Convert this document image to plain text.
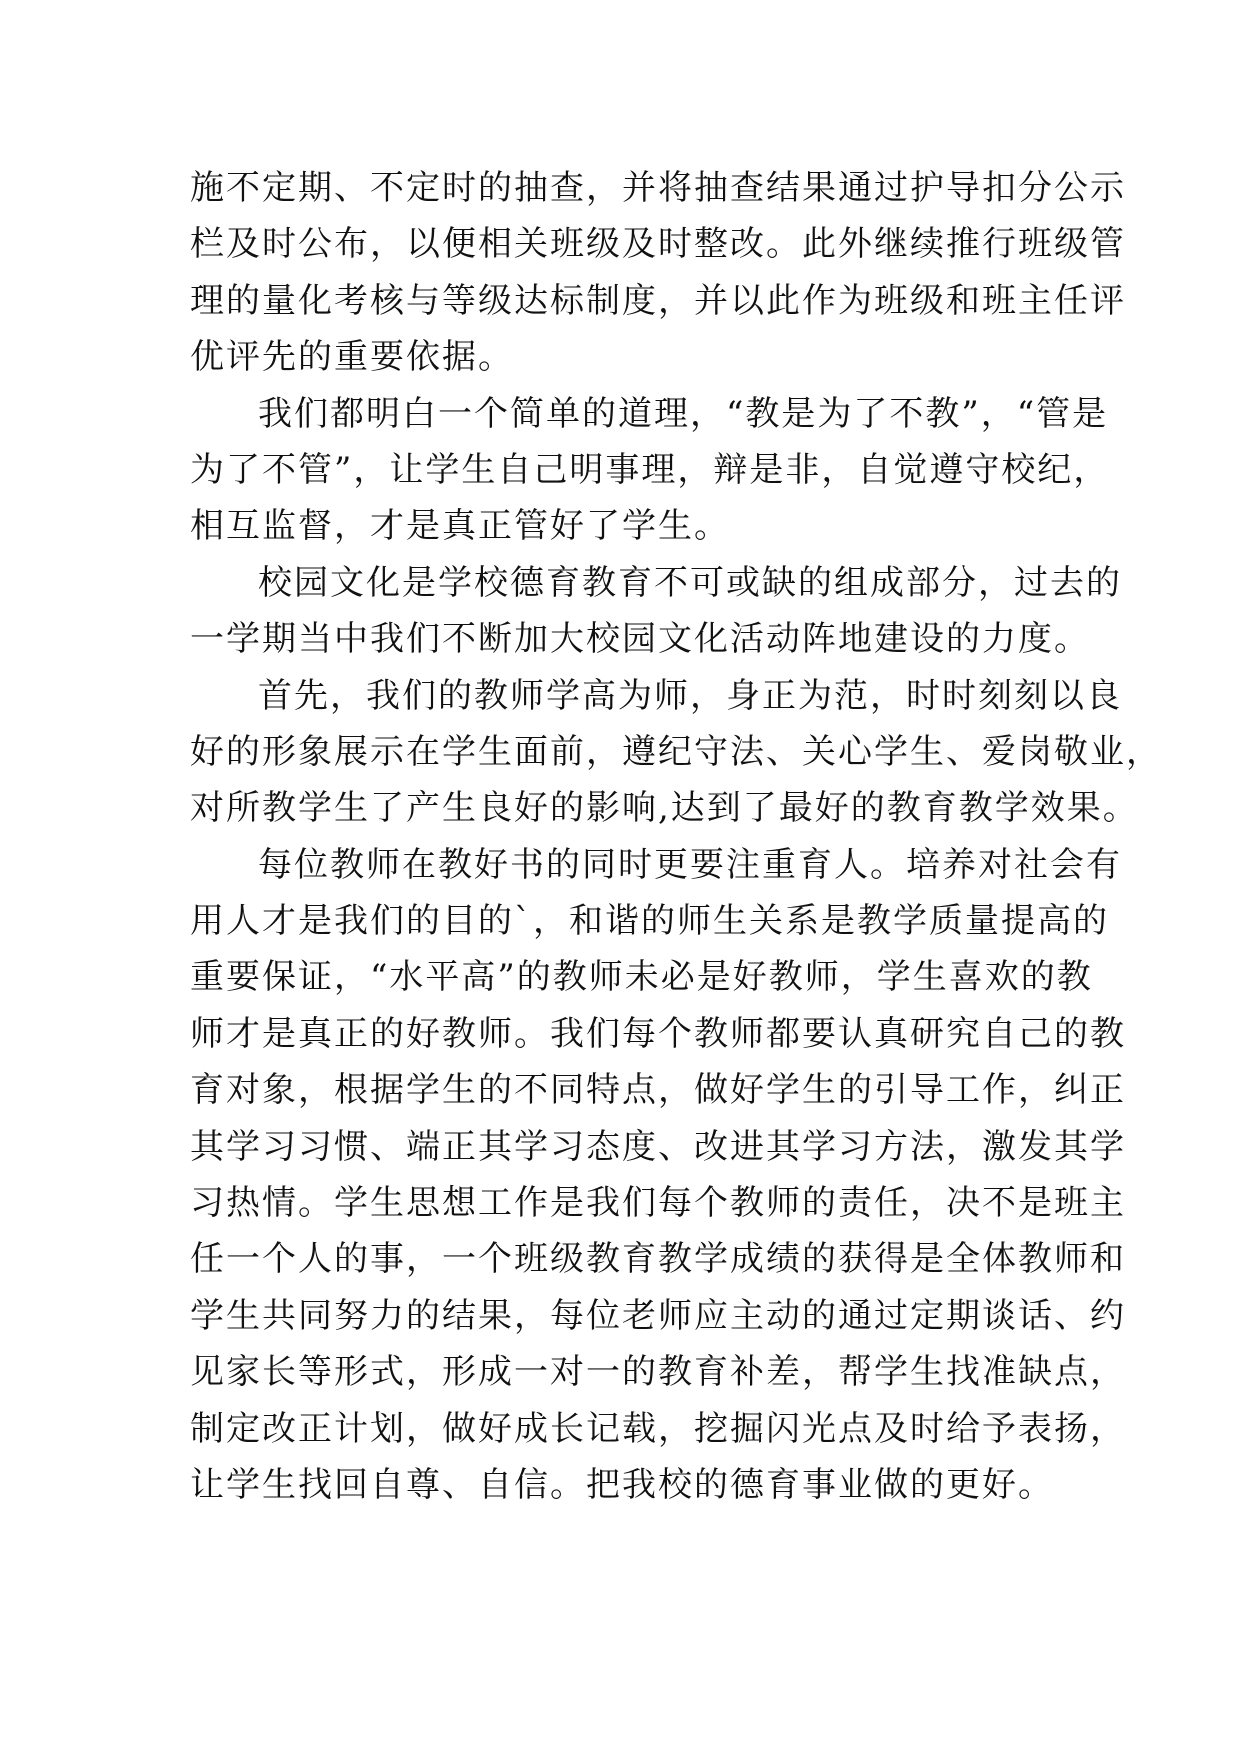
施不定期、不定时的抽查，并将抽查结果通过护导扣分公示
栏及时公布，以便相关班级及时整改。此外继续推行班级管
理的量化考核与等级达标制度，并以此作为班级和班主任评
优评先的重要依据。
我们都明白一个简单的道理，“教是为了不教”，“管是
为了不管”，让学生自己明事理，辩是非，自觉遵守校纪，
相互监督，才是真正管好了学生。
校园文化是学校德育教育不可或缺的组成部分，过去的
一学期当中我们不断加大校园文化活动阵地建设的力度。
首先，我们的教师学高为师，身正为范，时时刻刻以良
好的形象展示在学生面前，遵纪守法、关心学生、爱岗敬业，
对所教学生了产生良好的影响,达到了最好的教育教学效果。
每位教师在教好书的同时更要注重育人。培养对社会有
用人才是我们的目的`，和谐的师生关系是教学质量提高的
重要保证，“水平高”的教师未必是好教师，学生喜欢的教
师才是真正的好教师。我们每个教师都要认真研究自己的教
育对象，根据学生的不同特点，做好学生的引导工作，纠正
其学习习惯、端正其学习态度、改进其学习方法，激发其学
习热情。学生思想工作是我们每个教师的责任，决不是班主
任一个人的事，一个班级教育教学成绩的获得是全体教师和
学生共同努力的结果，每位老师应主动的通过定期谈话、约
见家长等形式，形成一对一的教育补差，帮学生找准缺点，
制定改正计划，做好成长记载，挖掘闪光点及时给予表扬，
让学生找回自尊、自信。把我校的德育事业做的更好。
